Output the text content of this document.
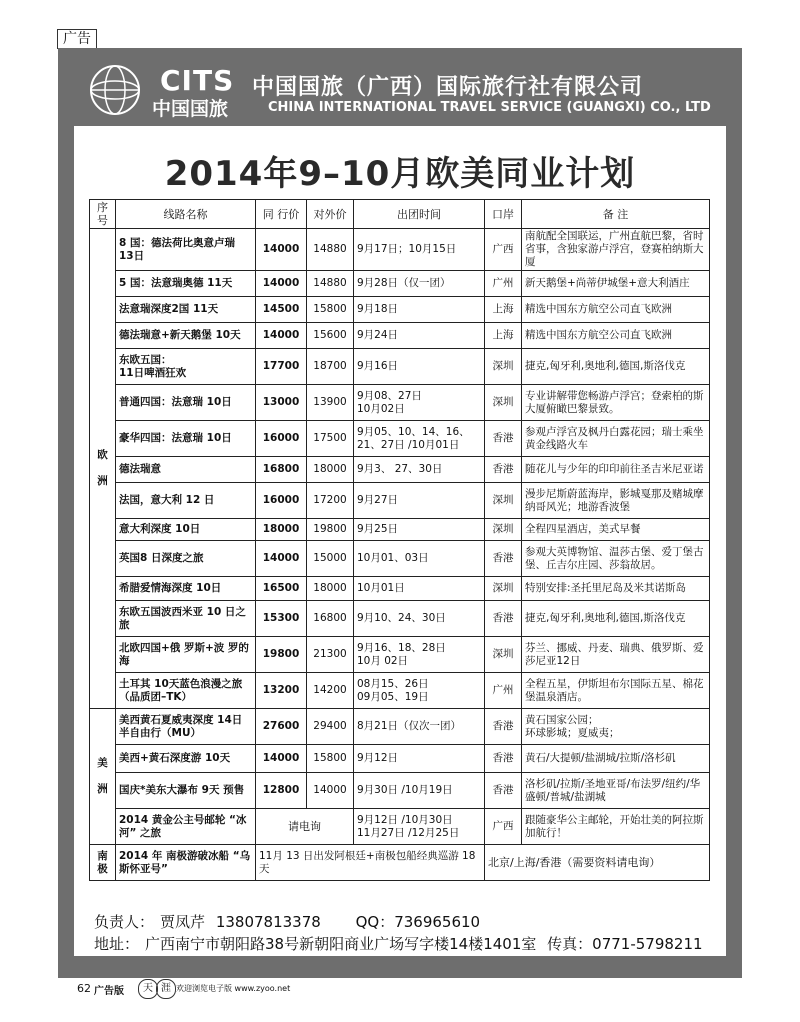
广告
CITS
中国国旅
中国国旅（广西）国际旅行社有限公司
CHINA INTERNATIONAL TRAVEL SERVICE (GUANGXI) CO., LTD
2014年9–10月欧美同业计划
序号	线路名称	同 行价	对外价	出团时间	口岸	备 注
欧

洲	8 国：德法荷比奥意卢瑞 13日	14000	14880	9月17日；10月15日	广西	南航配全国联运，广州直航巴黎，省时省事，含独家游卢浮宫，登赛柏纳斯大厦
	5 国：法意瑞奥德 11天	14000	14880	9月28日（仅一团）	广州	新天鹅堡+尚蒂伊城堡+意大利酒庄
	法意瑞深度2国 11天	14500	15800	9月18日	上海	精选中国东方航空公司直飞欧洲
	德法瑞意+新天鹅堡 10天	14000	15600	9月24日	上海	精选中国东方航空公司直飞欧洲
	东欧五国：
11日啤酒狂欢	17700	18700	9月16日	深圳	捷克,匈牙利,奥地利,德国,斯洛伐克
	普通四国：法意瑞 10日	13000	13900	9月08、27日
10月02日	深圳	专业讲解带您畅游卢浮宫；登索柏的斯大厦俯瞰巴黎景致。
	豪华四国：法意瑞 10日	16000	17500	9月05、10、14、16、21、27日 /10月01日	香港	参观卢浮宫及枫丹白露花园；瑞士乘坐黄金线路火车
	德法瑞意	16800	18000	9月3、 27、30日	香港	随花儿与少年的印印前往圣吉米尼亚诺
	法国，意大利 12 日	16000	17200	9月27日	深圳	漫步尼斯蔚蓝海岸，影城戛那及赌城摩纳哥风光；地游香波堡
	意大利深度 10日	18000	19800	9月25日	深圳	全程四星酒店，美式早餐
	英国8 日深度之旅	14000	15000	10月01、03日	香港	参观大英博物馆、温莎古堡、爱丁堡古堡、丘吉尔庄园、莎翁故居。
	希腊爱情海深度 10日	16500	18000	10月01日	深圳	特别安排:圣托里尼岛及米其诺斯岛
	东欧五国波西米亚 10 日之旅	15300	16800	9月10、24、30日	香港	捷克,匈牙利,奥地利,德国,斯洛伐克
	北欧四国+俄 罗斯+波 罗的海	19800	21300	9月16、18、28日
10月 02日	深圳	芬兰、挪威、丹麦、瑞典、俄罗斯、爱莎尼亚12日
	土耳其 10天蓝色浪漫之旅（品质团–TK）	13200	14200	08月15、26日
09月05、19日	广州	全程五星，伊斯坦布尔国际五星、棉花堡温泉酒店。
美

洲	美西黄石夏威夷深度 14日 半自由行（MU）	27600	29400	8月21日（仅次一团）	香港	黄石国家公园；
环球影城；夏威夷；
	美西+黄石深度游 10天	14000	15800	9月12日	香港	黄石/大提顿/盐湖城/拉斯/洛杉矶
	国庆*美东大瀑布 9天 预售	12800	14000	9月30日 /10月19日	香港	洛杉矶/拉斯/圣地亚哥/布法罗/纽约/华盛顿/普城/盐湖城
	2014 黄金公主号邮轮 “冰河” 之旅	请电询		9月12日 /10月30日
11月27日 /12月25日	广西	跟随豪华公主邮轮，开始壮美的阿拉斯加航行！
南
极	2014 年 南极游破冰船 “乌斯怀亚号”	11月 13 日出发阿根廷+南极包船经典巡游 18天			北京/上海/香港（需要资料请电询）	
负责人： 贾凤芹 13807813378 QQ：736965610
地址： 广西南宁市朝阳路38号新朝阳商业广场写字楼14楼1401室 传真：0771-5798211
62 广告版	天 涯 欢迎浏览电子版 www.zyoo.net
